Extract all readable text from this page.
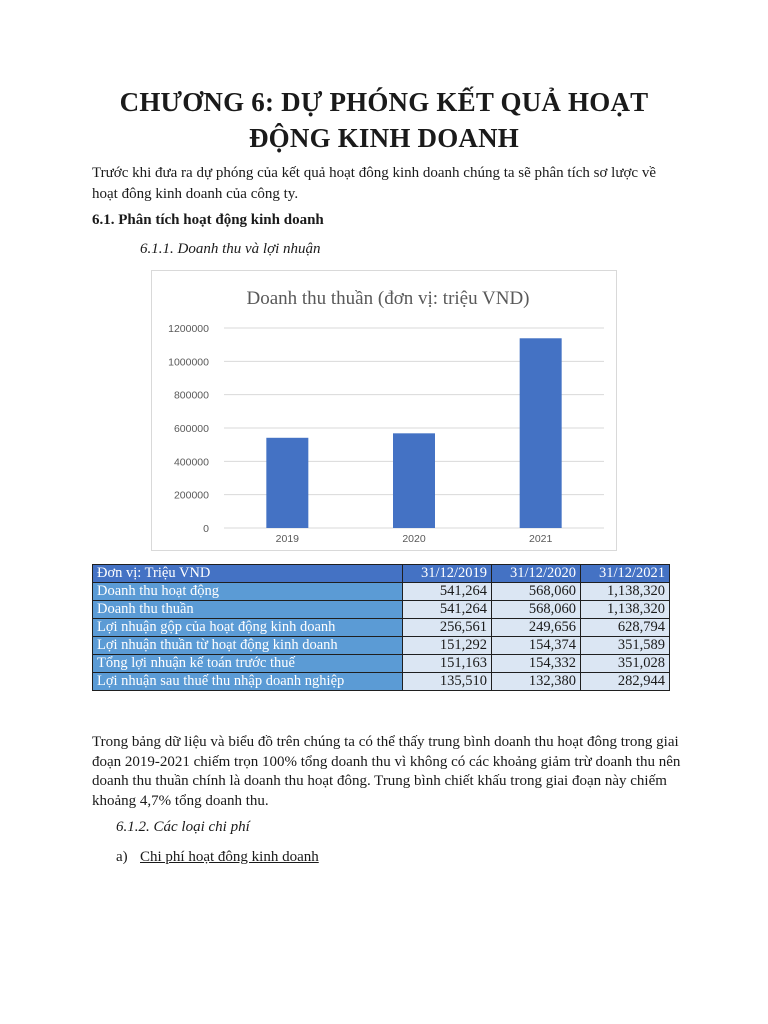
CHƯƠNG 6: DỰ PHÓNG KẾT QUẢ HOẠT
ĐỘNG KINH DOANH
Trước khi đưa ra dự phóng của kết quả hoạt đông kinh doanh chúng ta sẽ phân tích sơ lược về hoạt đông kinh doanh của công ty.
6.1. Phân tích hoạt động kinh doanh
6.1.1. Doanh thu và lợi nhuận
Doanh thu thuần (đơn vị: triệu VND)
0
200000
400000
600000
800000
1000000
1200000
2019	2020	2021
Đơn vị: Triệu VND	31/12/2019	31/12/2020	31/12/2021
Doanh thu hoạt động	541,264	568,060	1,138,320
Doanh thu thuần	541,264	568,060	1,138,320
Lợi nhuận gộp của hoạt động kinh doanh	256,561	249,656	628,794
Lợi nhuận thuần từ hoạt động kinh doanh	151,292	154,374	351,589
Tổng lợi nhuận kế toán trước thuế	151,163	154,332	351,028
Lợi nhuận sau thuế thu nhập doanh nghiệp	135,510	132,380	282,944
Trong bảng dữ liệu và biểu đồ trên chúng ta có thể thấy trung bình doanh thu hoạt đông trong giai đoạn 2019-2021 chiếm trọn 100% tổng doanh thu vì không có các khoảng giảm trừ doanh thu nên doanh thu thuần chính là doanh thu hoạt đông. Trung bình chiết khấu trong giai đoạn này chiếm khoảng 4,7% tổng doanh thu.
6.1.2. Các loại chi phí
a) Chi phí hoạt đông kinh doanh
